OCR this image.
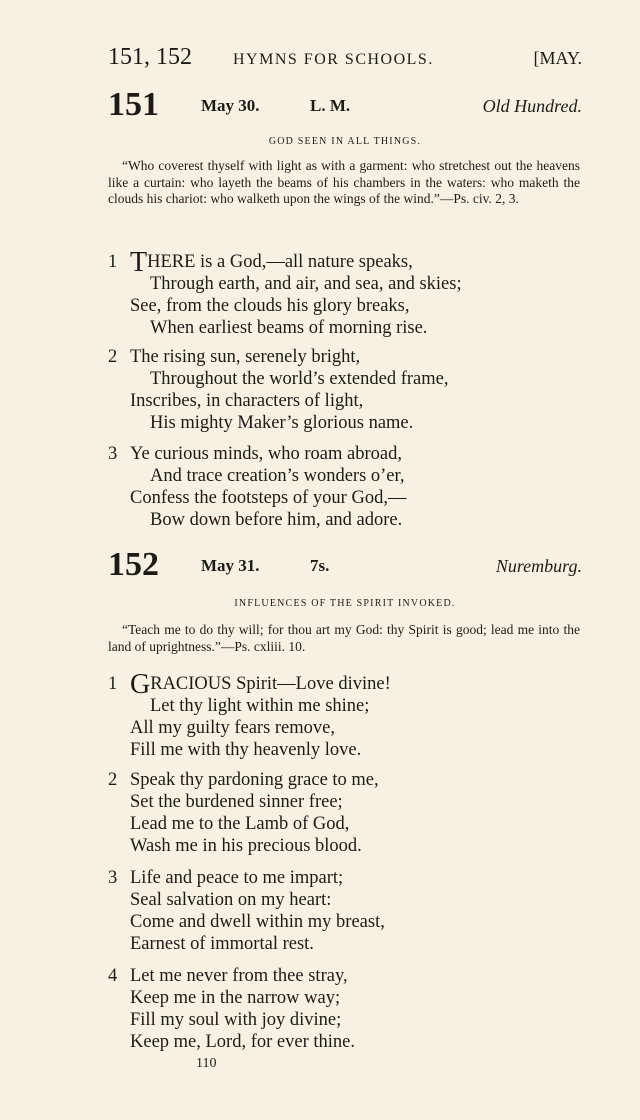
151, 152	HYMNS FOR SCHOOLS.	[MAY.
151 May 30.	L. M.	Old Hundred.
GOD SEEN IN ALL THINGS.
“Who coverest thyself with light as with a garment: who stretchest out the heavens like a curtain: who layeth the beams of his chambers in the waters: who maketh the clouds his chariot: who walketh upon the wings of the wind.”—Ps. civ. 2, 3.
1 THERE is a God,—all nature speaks,
Through earth, and air, and sea, and skies;
See, from the clouds his glory breaks,
When earliest beams of morning rise.
2 The rising sun, serenely bright,
Throughout the world’s extended frame,
Inscribes, in characters of light,
His mighty Maker’s glorious name.
3 Ye curious minds, who roam abroad,
And trace creation’s wonders o’er,
Confess the footsteps of your God,—
Bow down before him, and adore.
152 May 31.	7s.	Nuremburg.
INFLUENCES OF THE SPIRIT INVOKED.
“Teach me to do thy will; for thou art my God: thy Spirit is good; lead me into the land of uprightness.”—Ps. cxliii. 10.
1 GRACIOUS Spirit—Love divine!
Let thy light within me shine;
All my guilty fears remove,
Fill me with thy heavenly love.
2 Speak thy pardoning grace to me,
Set the burdened sinner free;
Lead me to the Lamb of God,
Wash me in his precious blood.
3 Life and peace to me impart;
Seal salvation on my heart:
Come and dwell within my breast,
Earnest of immortal rest.
4 Let me never from thee stray,
Keep me in the narrow way;
Fill my soul with joy divine;
Keep me, Lord, for ever thine.
110
